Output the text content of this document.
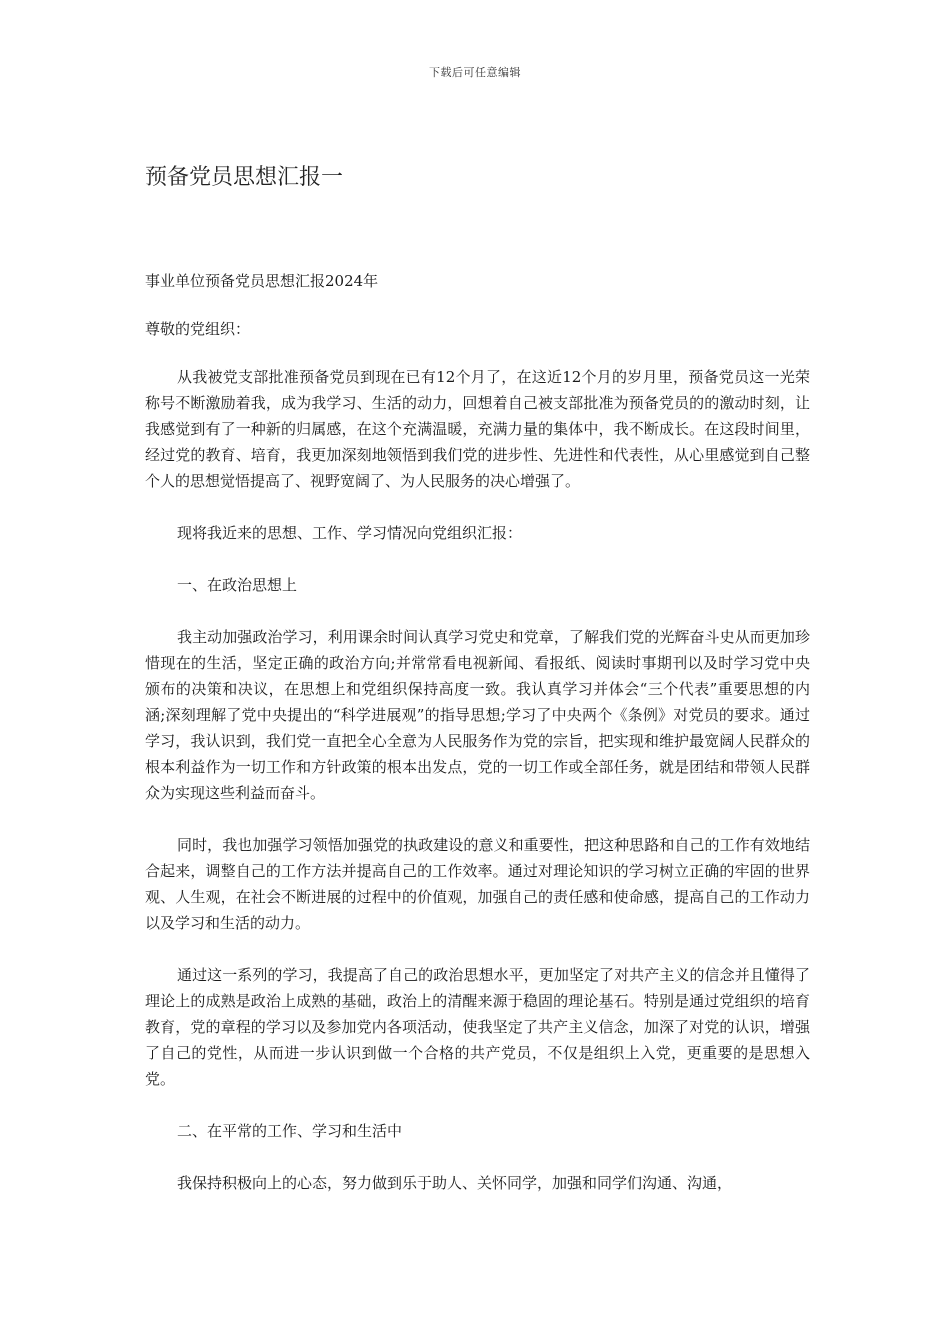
下载后可任意编辑
预备党员思想汇报一

事业单位预备党员思想汇报2024年

尊敬的党组织：

从我被党支部批准预备党员到现在已有12个月了，在这近12个月的岁月里，预备党员这一光荣称号不断激励着我，成为我学习、生活的动力，回想着自己被支部批准为预备党员的的激动时刻，让我感觉到有了一种新的归属感，在这个充满温暖，充满力量的集体中，我不断成长。在这段时间里，经过党的教育、培育，我更加深刻地领悟到我们党的进步性、先进性和代表性，从心里感觉到自己整个人的思想觉悟提高了、视野宽阔了、为人民服务的决心增强了。

现将我近来的思想、工作、学习情况向党组织汇报：

一、在政治思想上

我主动加强政治学习，利用课余时间认真学习党史和党章，了解我们党的光辉奋斗史从而更加珍惜现在的生活，坚定正确的政治方向;并常常看电视新闻、看报纸、阅读时事期刊以及时学习党中央颁布的决策和决议，在思想上和党组织保持高度一致。我认真学习并体会“三个代表”重要思想的内涵;深刻理解了党中央提出的“科学进展观”的指导思想;学习了中央两个《条例》对党员的要求。通过学习，我认识到，我们党一直把全心全意为人民服务作为党的宗旨，把实现和维护最宽阔人民群众的根本利益作为一切工作和方针政策的根本出发点，党的一切工作或全部任务，就是团结和带领人民群众为实现这些利益而奋斗。

同时，我也加强学习领悟加强党的执政建设的意义和重要性，把这种思路和自己的工作有效地结合起来，调整自己的工作方法并提高自己的工作效率。通过对理论知识的学习树立正确的牢固的世界观、人生观，在社会不断进展的过程中的价值观，加强自己的责任感和使命感，提高自己的工作动力以及学习和生活的动力。

通过这一系列的学习，我提高了自己的政治思想水平，更加坚定了对共产主义的信念并且懂得了理论上的成熟是政治上成熟的基础，政治上的清醒来源于稳固的理论基石。特别是通过党组织的培育教育，党的章程的学习以及参加党内各项活动，使我坚定了共产主义信念，加深了对党的认识，增强了自己的党性，从而进一步认识到做一个合格的共产党员，不仅是组织上入党，更重要的是思想入党。

二、在平常的工作、学习和生活中

我保持积极向上的心态，努力做到乐于助人、关怀同学，加强和同学们沟通、沟通，
